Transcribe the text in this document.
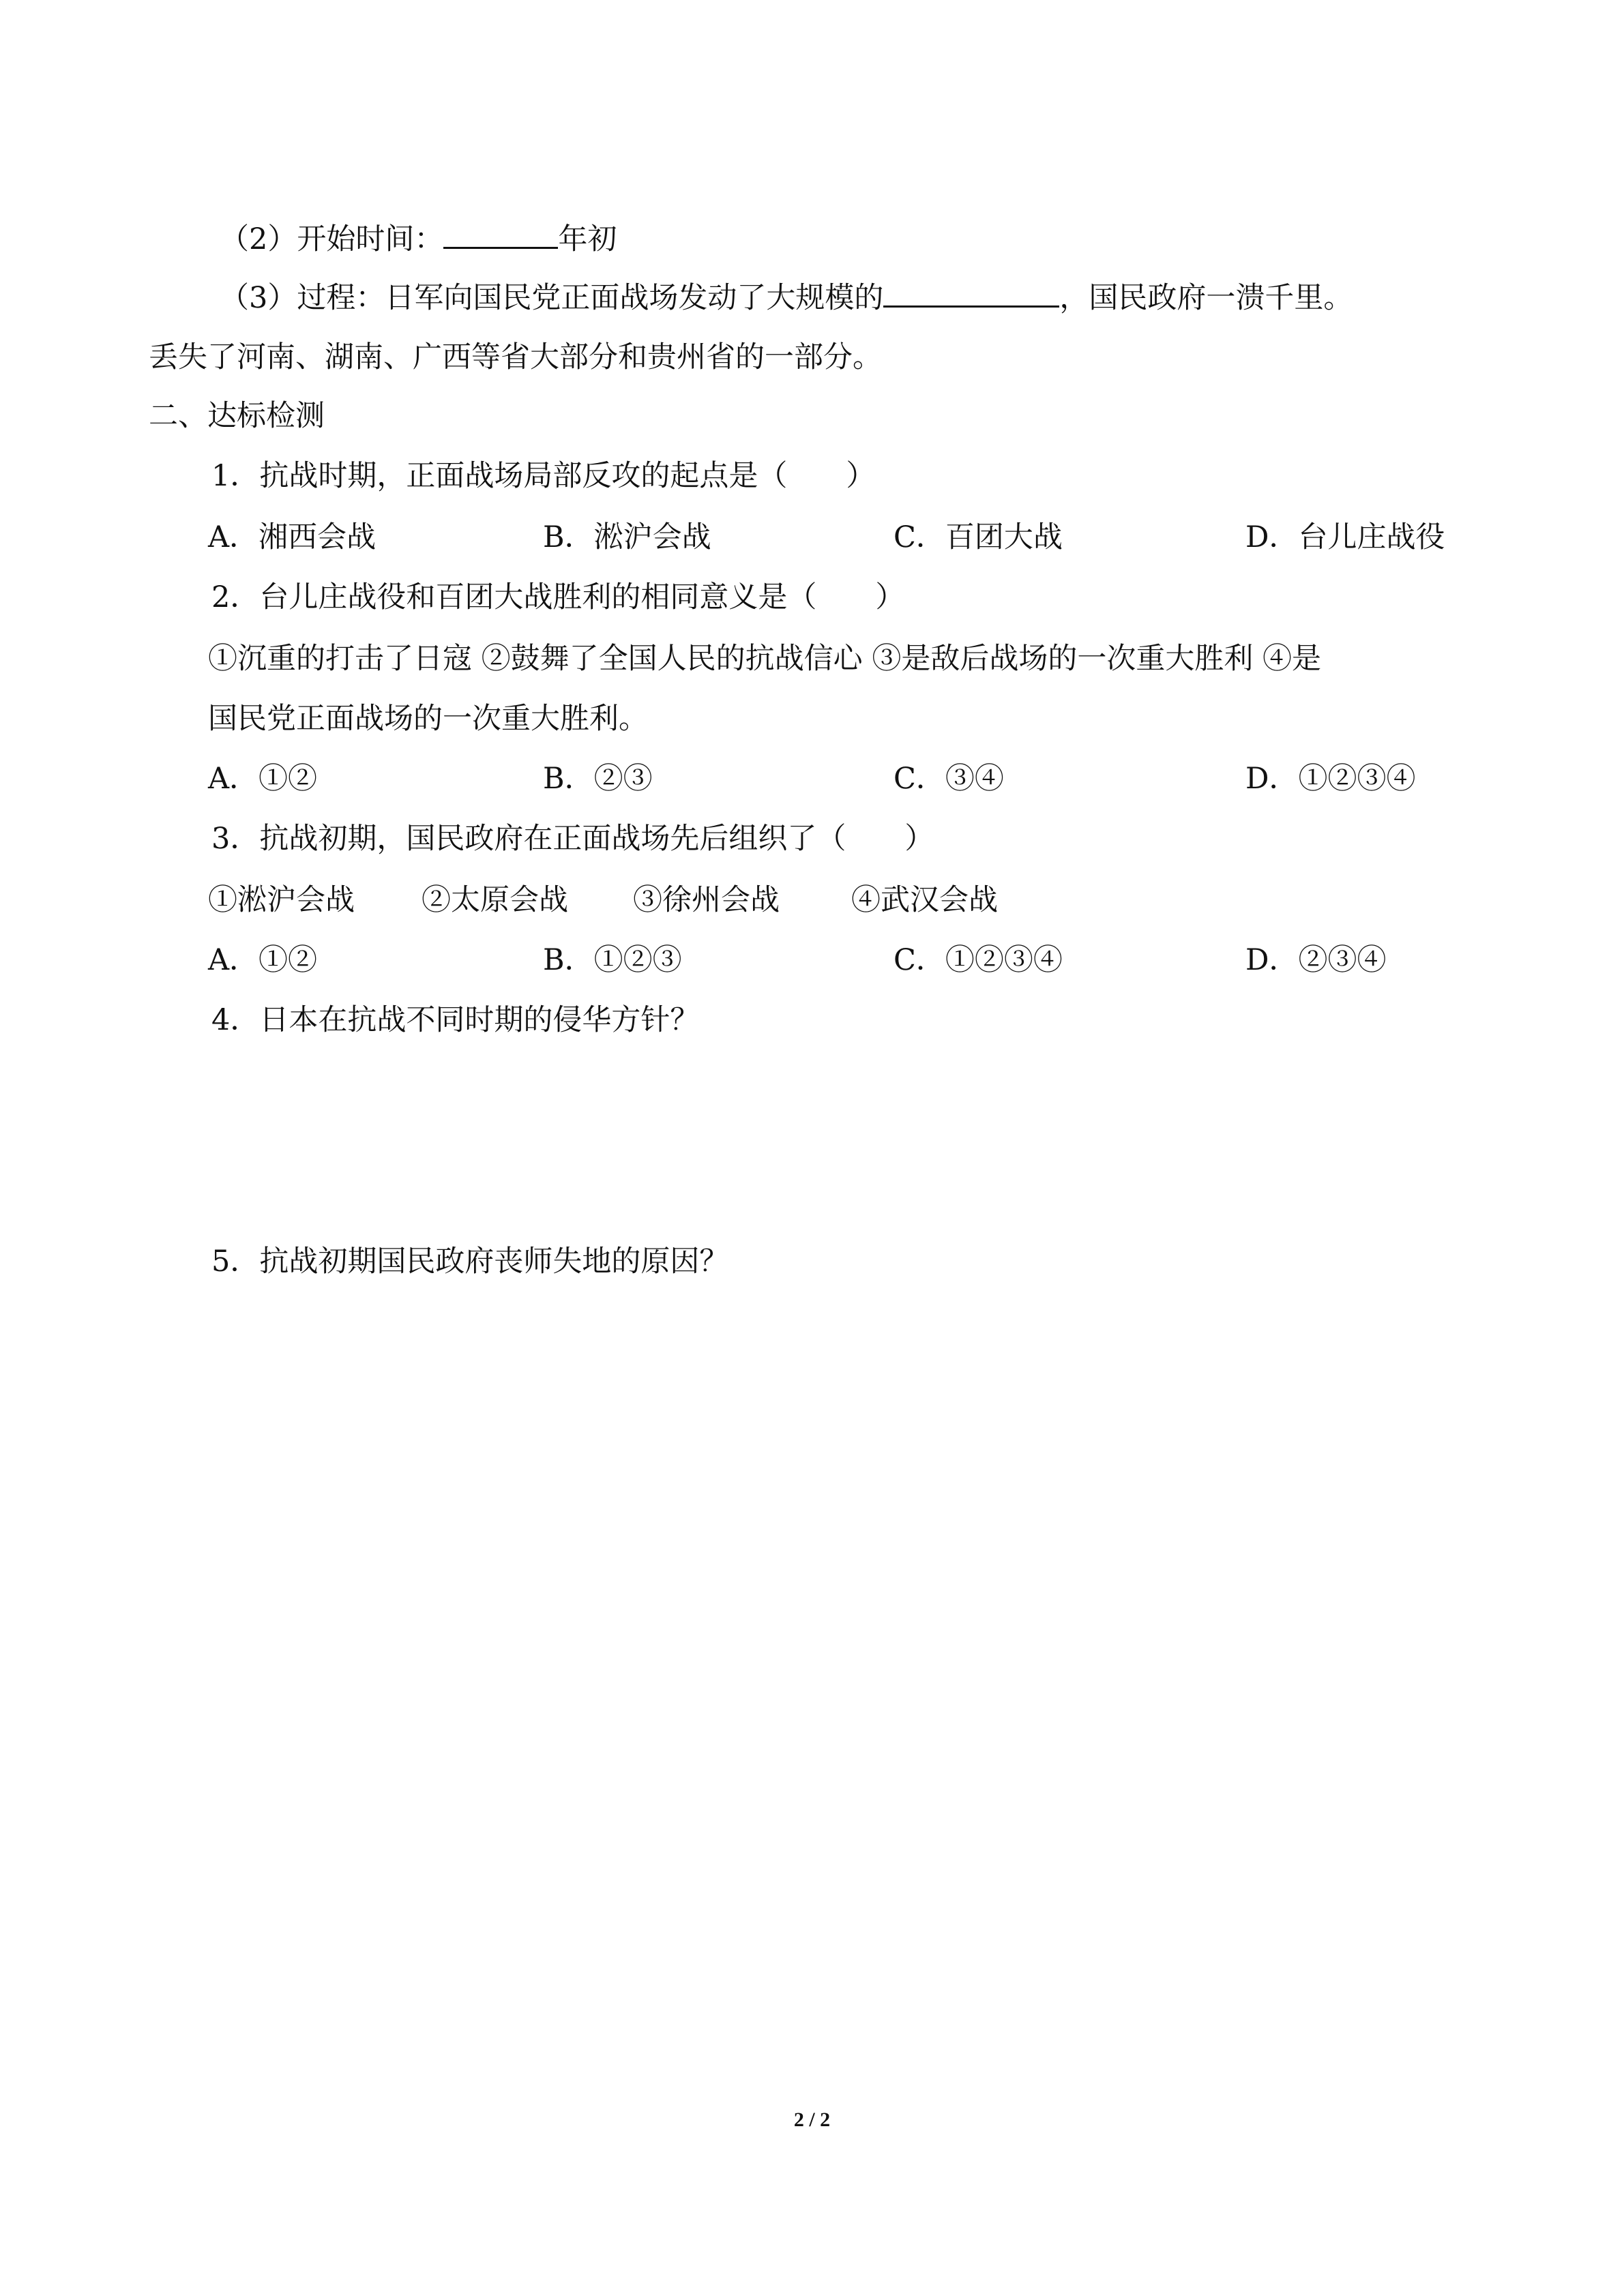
（2）开始时间：	年初
（3）过程：日军向国民党正面战场发动了大规模的	，国民政府一溃千里。
丢失了河南、湖南、广西等省大部分和贵州省的一部分。
二、达标检测
1．抗战时期，正面战场局部反攻的起点是（　　）
A．湘西会战	B．淞沪会战	C．百团大战	D．台儿庄战役
2．台儿庄战役和百团大战胜利的相同意义是（　　）
①沉重的打击了日寇 ②鼓舞了全国人民的抗战信心 ③是敌后战场的一次重大胜利 ④是
国民党正面战场的一次重大胜利。
A．①②	B．②③	C．③④	D．①②③④
3．抗战初期，国民政府在正面战场先后组织了（　　）
①淞沪会战 ②太原会战 ③徐州会战 ④武汉会战
A．①②	B．①②③	C．①②③④	D．②③④
4．日本在抗战不同时期的侵华方针？
5．抗战初期国民政府丧师失地的原因？
2 / 2
